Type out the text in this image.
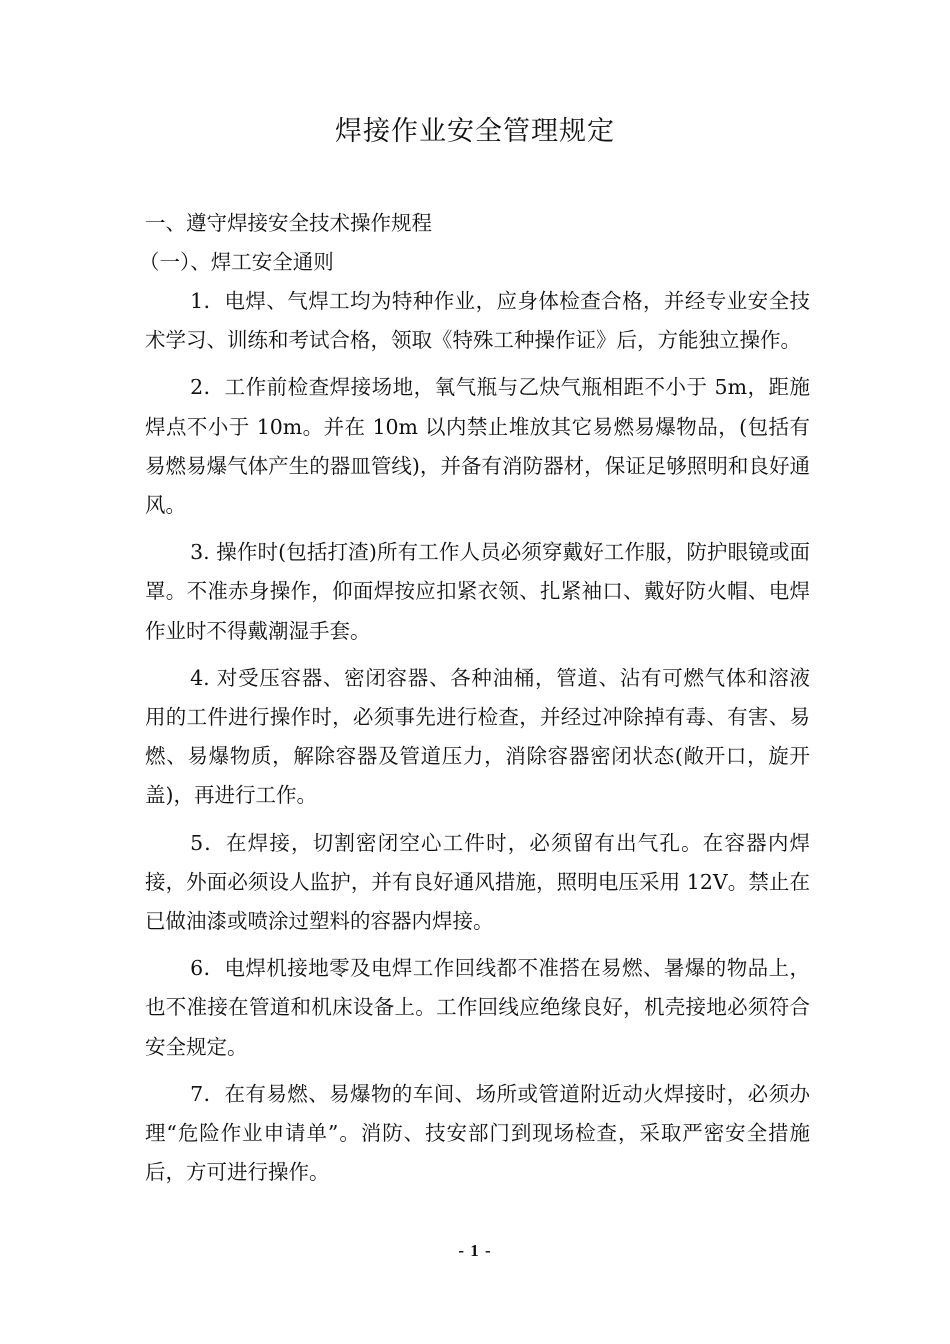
焊接作业安全管理规定

一、遵守焊接安全技术操作规程

（一）、焊工安全通则

1．电焊、气焊工均为特种作业，应身体检查合格，并经专业安全技术学习、训练和考试合格，领取《特殊工种操作证》后，方能独立操作。

2．工作前检查焊接场地，氧气瓶与乙炔气瓶相距不小于 5m，距施焊点不小于 10m。并在 10m 以内禁止堆放其它易燃易爆物品，(包括有易燃易爆气体产生的器皿管线)，并备有消防器材，保证足够照明和良好通风。

3. 操作时(包括打渣)所有工作人员必须穿戴好工作服，防护眼镜或面罩。不准赤身操作，仰面焊按应扣紧衣领、扎紧袖口、戴好防火帽、电焊作业时不得戴潮湿手套。

4. 对受压容器、密闭容器、各种油桶，管道、沾有可燃气体和溶液用的工件进行操作时，必须事先进行检查，并经过冲除掉有毒、有害、易燃、易爆物质，解除容器及管道压力，消除容器密闭状态(敞开口，旋开盖)，再进行工作。

5．在焊接，切割密闭空心工件时，必须留有出气孔。在容器内焊接，外面必须设人监护，并有良好通风措施，照明电压采用 12V。禁止在已做油漆或喷涂过塑料的容器内焊接。

6．电焊机接地零及电焊工作回线都不准搭在易燃、暑爆的物品上，也不准接在管道和机床设备上。工作回线应绝缘良好，机壳接地必须符合安全规定。

7．在有易燃、易爆物的车间、场所或管道附近动火焊接时，必须办理“危险作业申请单”。消防、技安部门到现场检查，采取严密安全措施后，方可进行操作。

- 1 -
